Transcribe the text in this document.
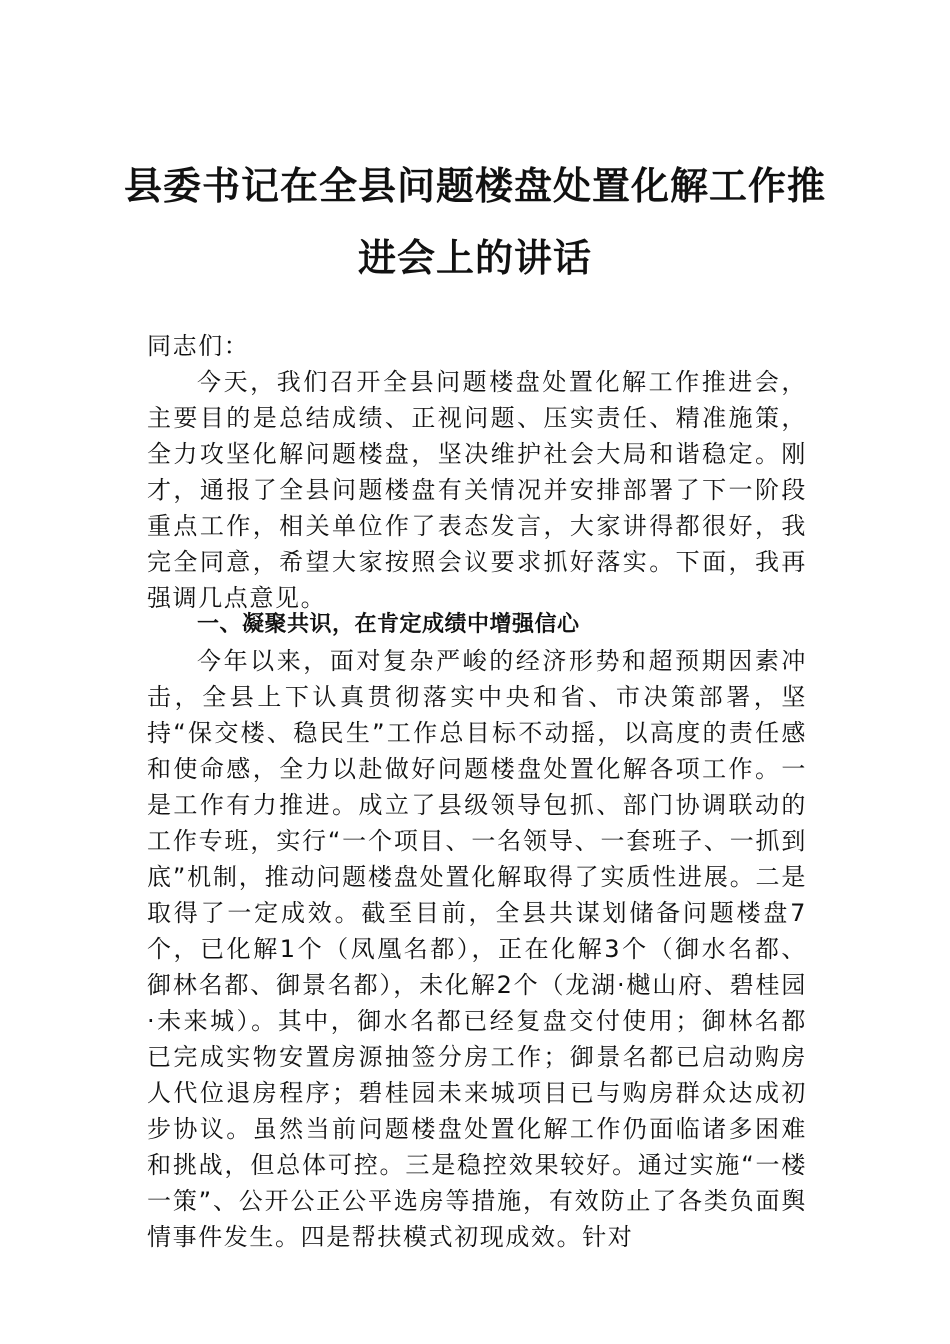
县委书记在全县问题楼盘处置化解工作推
进会上的讲话
同志们：
今天，我们召开全县问题楼盘处置化解工作推进会，主要目的是总结成绩、正视问题、压实责任、精准施策，全力攻坚化解问题楼盘，坚决维护社会大局和谐稳定。刚才，通报了全县问题楼盘有关情况并安排部署了下一阶段重点工作，相关单位作了表态发言，大家讲得都很好，我完全同意，希望大家按照会议要求抓好落实。下面，我再强调几点意见。
一、凝聚共识，在肯定成绩中增强信心
今年以来，面对复杂严峻的经济形势和超预期因素冲击，全县上下认真贯彻落实中央和省、市决策部署，坚持“保交楼、稳民生”工作总目标不动摇，以高度的责任感和使命感，全力以赴做好问题楼盘处置化解各项工作。一是工作有力推进。成立了县级领导包抓、部门协调联动的工作专班，实行“一个项目、一名领导、一套班子、一抓到底”机制，推动问题楼盘处置化解取得了实质性进展。二是取得了一定成效。截至目前，全县共谋划储备问题楼盘7个，已化解1个（凤凰名都），正在化解3个（御水名都、御林名都、御景名都），未化解2个（龙湖·樾山府、碧桂园·未来城）。其中，御水名都已经复盘交付使用；御林名都已完成实物安置房源抽签分房工作；御景名都已启动购房人代位退房程序；碧桂园未来城项目已与购房群众达成初步协议。虽然当前问题楼盘处置化解工作仍面临诸多困难和挑战，但总体可控。三是稳控效果较好。通过实施“一楼一策”、公开公正公平选房等措施，有效防止了各类负面舆情事件发生。四是帮扶模式初现成效。针对
